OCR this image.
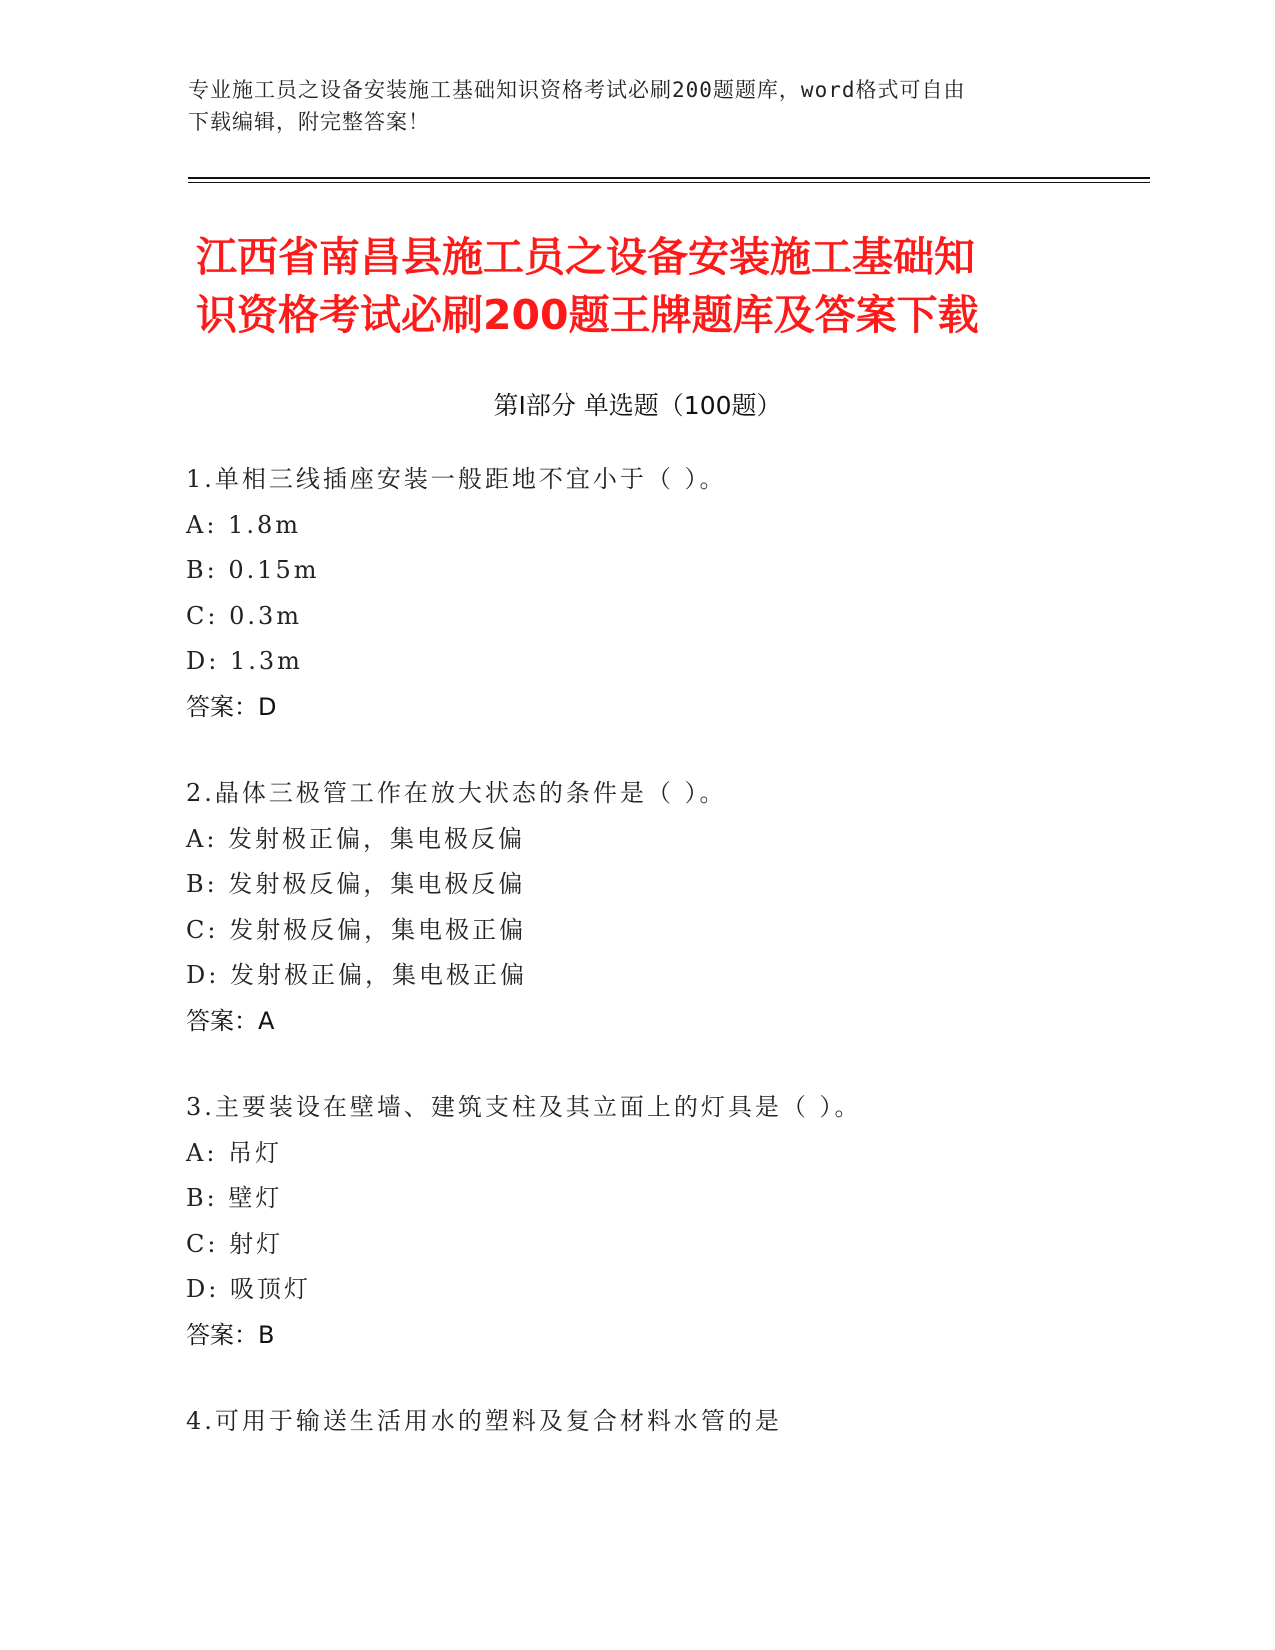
专业施工员之设备安装施工基础知识资格考试必刷200题题库，word格式可自由
下载编辑，附完整答案！
江西省南昌县施工员之设备安装施工基础知
识资格考试必刷200题王牌题库及答案下载
第Ⅰ部分 单选题（100题）
1.单相三线插座安装一般距地不宜小于（ ）。
A: 1.8m
B: 0.15m
C: 0.3m
D: 1.3m
答案：D
2.晶体三极管工作在放大状态的条件是（ ）。
A: 发射极正偏，集电极反偏
B: 发射极反偏，集电极反偏
C: 发射极反偏，集电极正偏
D: 发射极正偏，集电极正偏
答案：A
3.主要装设在壁墙、建筑支柱及其立面上的灯具是（ ）。
A: 吊灯
B: 壁灯
C: 射灯
D: 吸顶灯
答案：B
4.可用于输送生活用水的塑料及复合材料水管的是
